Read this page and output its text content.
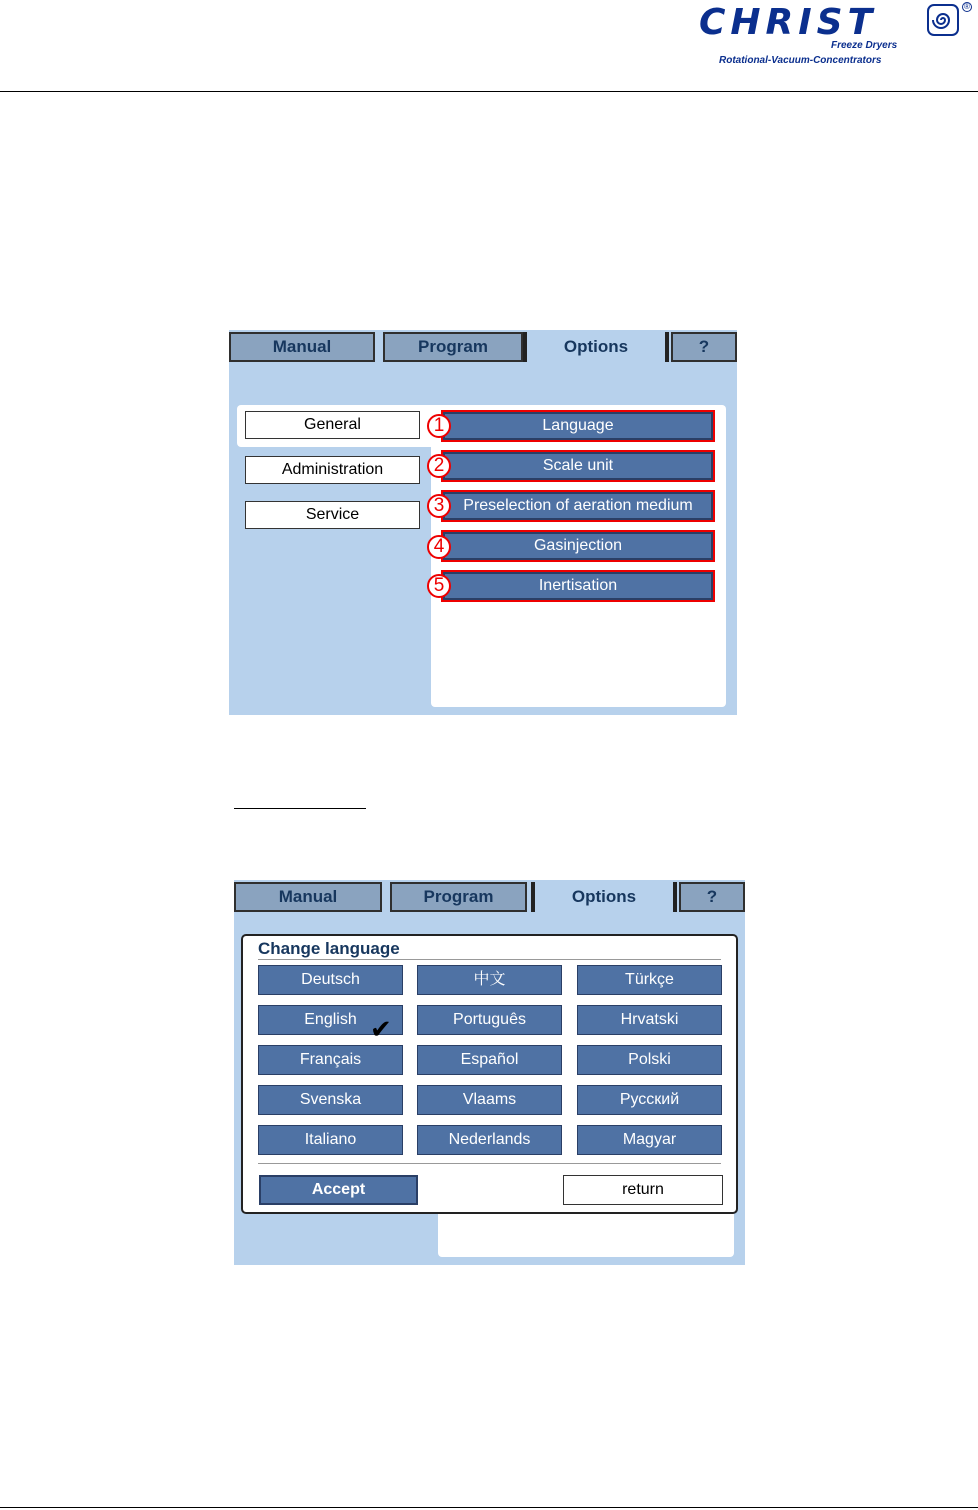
CHRIST	®
Freeze Dryers
Rotational-Vacuum-Concentrators
Manual	Program	Options	?
General
Administration
Service
Language
Scale unit
Preselection of aeration medium
Gasinjection
Inertisation
1
2
3
4
5
Manual	Program	Options	?
Change language
Deutsch	中文	Türkçe
English	Português	Hrvatski
Français	Español	Polski
Svenska	Vlaams	Русский
Italiano	Nederlands	Magyar
✔
Accept	return
